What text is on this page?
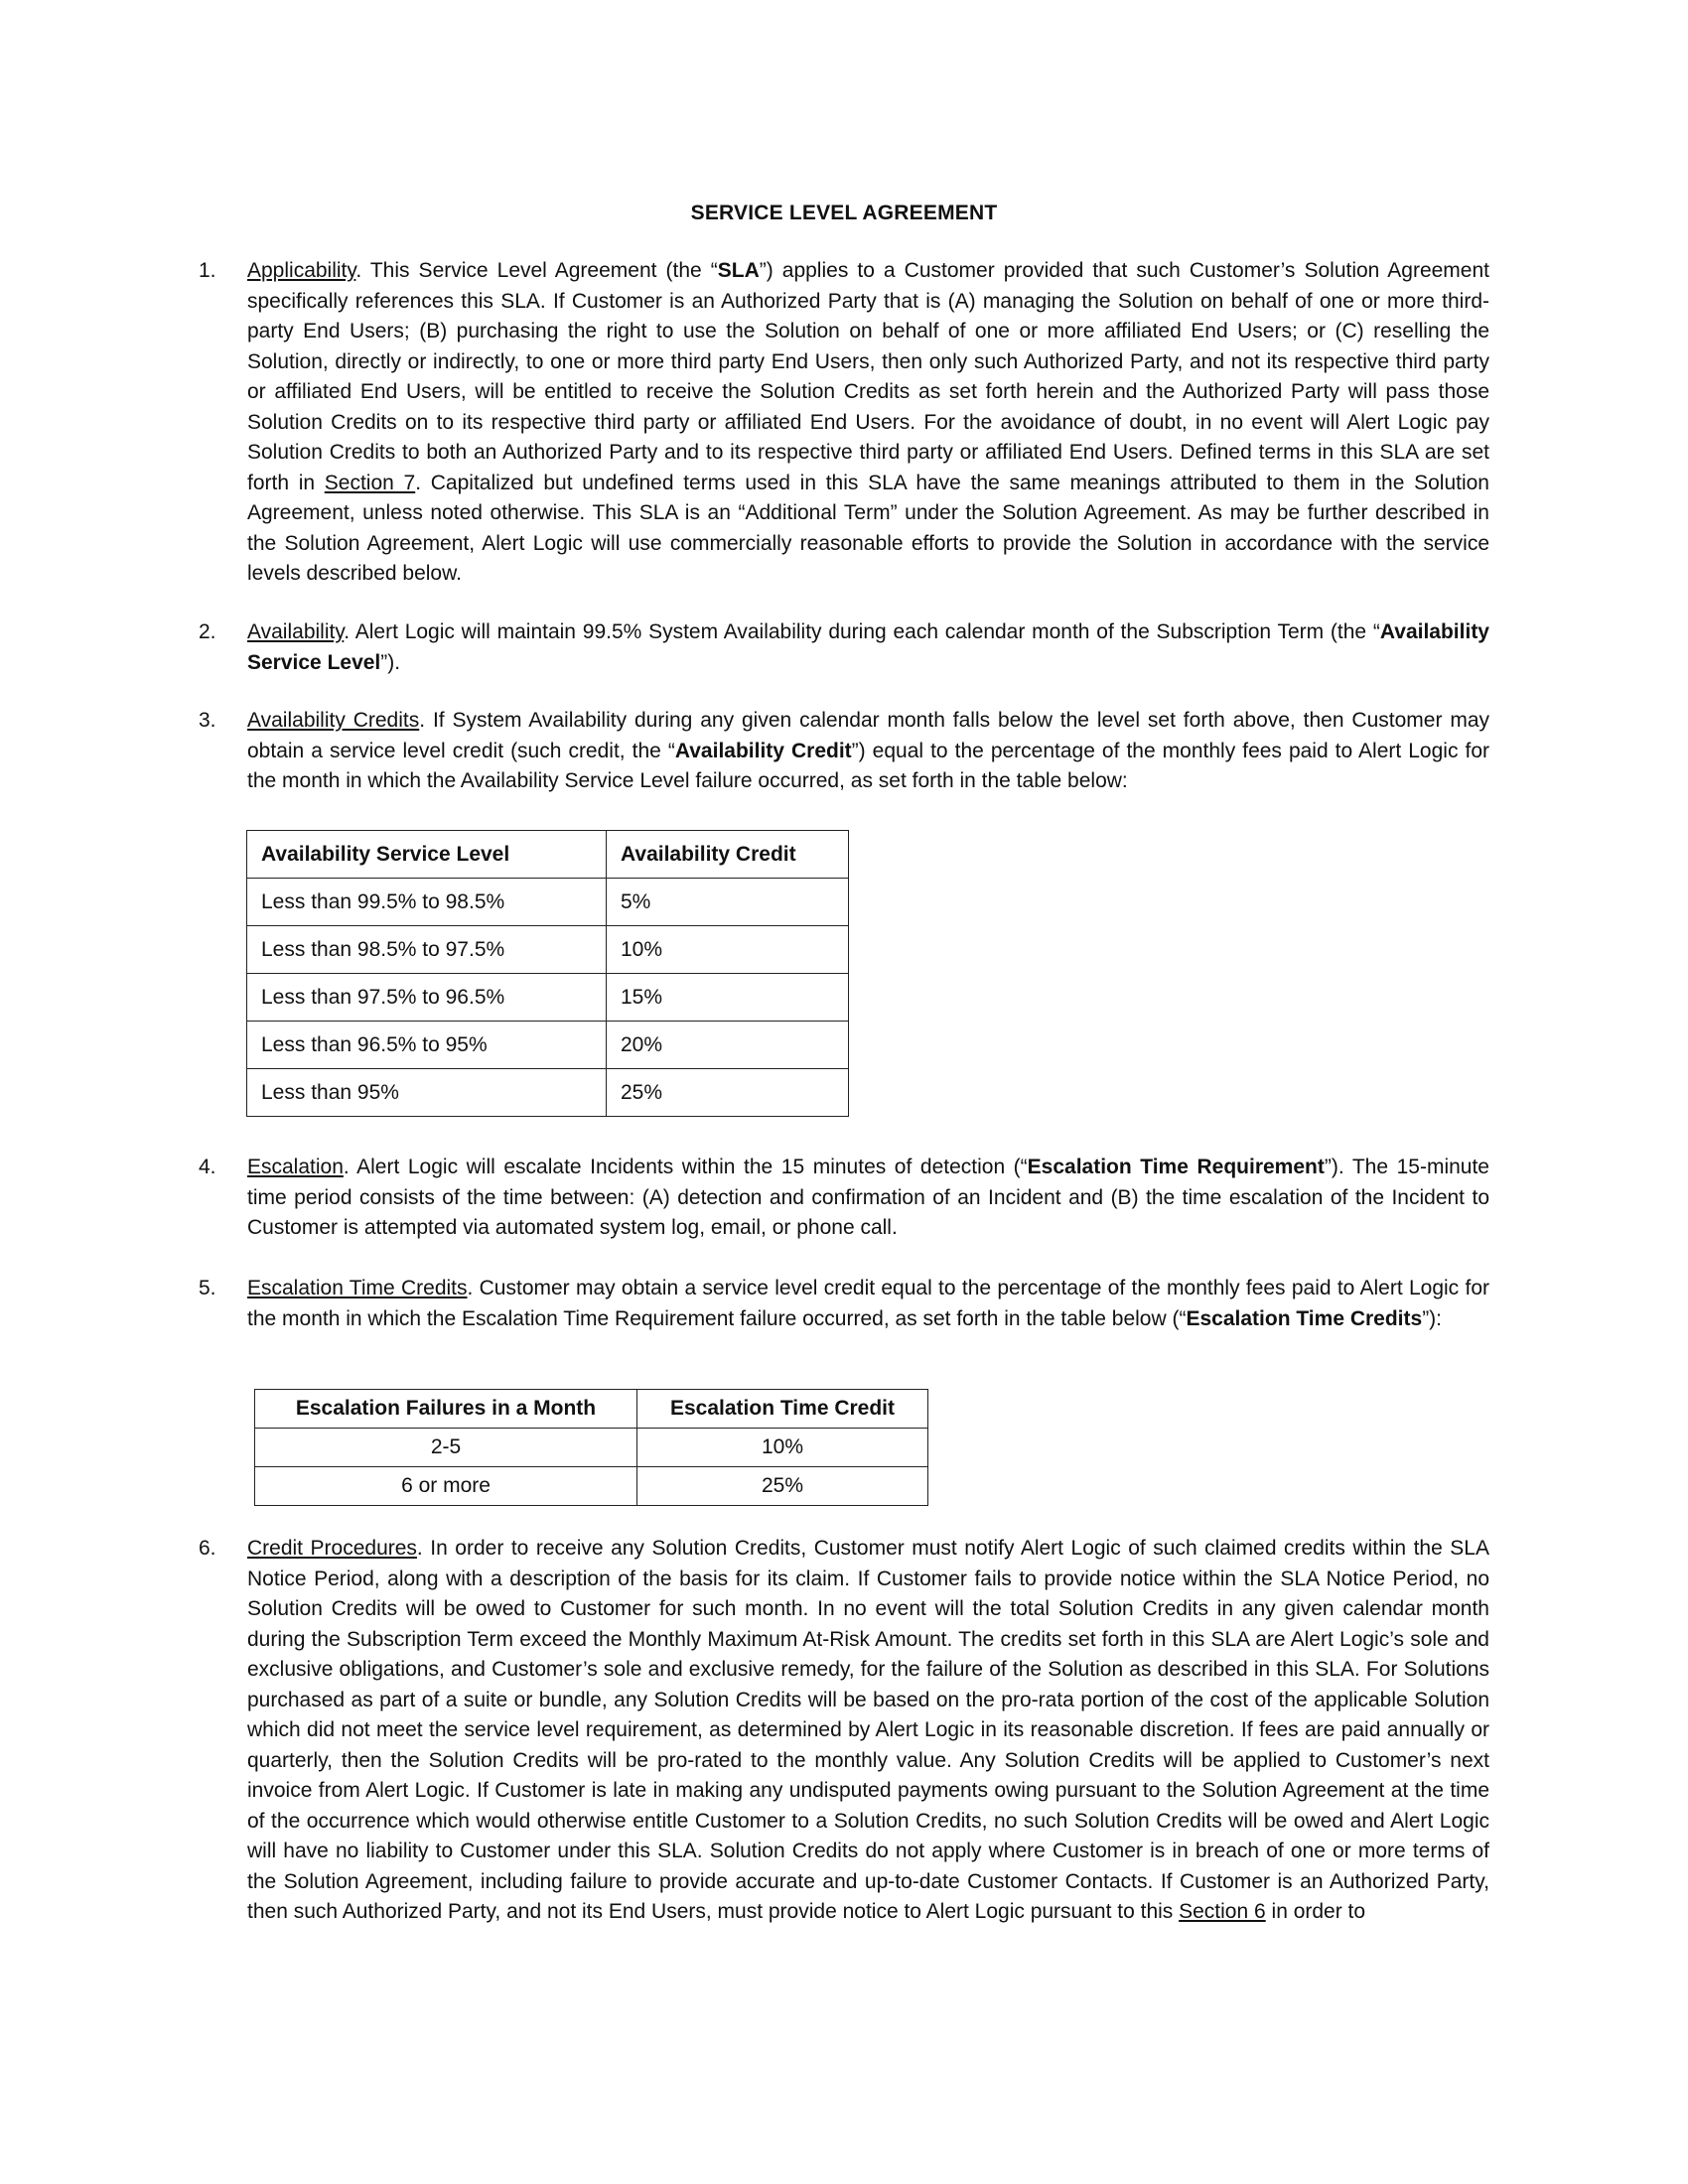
SERVICE LEVEL AGREEMENT
1.	Applicability. This Service Level Agreement (the “SLA”) applies to a Customer provided that such Customer’s Solution Agreement specifically references this SLA. If Customer is an Authorized Party that is (A) managing the Solution on behalf of one or more third-party End Users; (B) purchasing the right to use the Solution on behalf of one or more affiliated End Users; or (C) reselling the Solution, directly or indirectly, to one or more third party End Users, then only such Authorized Party, and not its respective third party or affiliated End Users, will be entitled to receive the Solution Credits as set forth herein and the Authorized Party will pass those Solution Credits on to its respective third party or affiliated End Users. For the avoidance of doubt, in no event will Alert Logic pay Solution Credits to both an Authorized Party and to its respective third party or affiliated End Users. Defined terms in this SLA are set forth in Section 7. Capitalized but undefined terms used in this SLA have the same meanings attributed to them in the Solution Agreement, unless noted otherwise. This SLA is an “Additional Term” under the Solution Agreement. As may be further described in the Solution Agreement, Alert Logic will use commercially reasonable efforts to provide the Solution in accordance with the service levels described below.
2.	Availability. Alert Logic will maintain 99.5% System Availability during each calendar month of the Subscription Term (the “Availability Service Level”).
3.	Availability Credits. If System Availability during any given calendar month falls below the level set forth above, then Customer may obtain a service level credit (such credit, the “Availability Credit”) equal to the percentage of the monthly fees paid to Alert Logic for the month in which the Availability Service Level failure occurred, as set forth in the table below:
Availability Service Level	Availability Credit
Less than 99.5% to 98.5%	5%
Less than 98.5% to 97.5%	10%
Less than 97.5% to 96.5%	15%
Less than 96.5% to 95%	20%
Less than 95%	25%
4.	Escalation. Alert Logic will escalate Incidents within the 15 minutes of detection (“Escalation Time Requirement”). The 15-minute time period consists of the time between: (A) detection and confirmation of an Incident and (B) the time escalation of the Incident to Customer is attempted via automated system log, email, or phone call.
5.	Escalation Time Credits. Customer may obtain a service level credit equal to the percentage of the monthly fees paid to Alert Logic for the month in which the Escalation Time Requirement failure occurred, as set forth in the table below (“Escalation Time Credits”):
Escalation Failures in a Month	Escalation Time Credit
2-5	10%
6 or more	25%
6.	Credit Procedures. In order to receive any Solution Credits, Customer must notify Alert Logic of such claimed credits within the SLA Notice Period, along with a description of the basis for its claim. If Customer fails to provide notice within the SLA Notice Period, no Solution Credits will be owed to Customer for such month. In no event will the total Solution Credits in any given calendar month during the Subscription Term exceed the Monthly Maximum At-Risk Amount. The credits set forth in this SLA are Alert Logic’s sole and exclusive obligations, and Customer’s sole and exclusive remedy, for the failure of the Solution as described in this SLA. For Solutions purchased as part of a suite or bundle, any Solution Credits will be based on the pro-rata portion of the cost of the applicable Solution which did not meet the service level requirement, as determined by Alert Logic in its reasonable discretion. If fees are paid annually or quarterly, then the Solution Credits will be pro-rated to the monthly value. Any Solution Credits will be applied to Customer’s next invoice from Alert Logic. If Customer is late in making any undisputed payments owing pursuant to the Solution Agreement at the time of the occurrence which would otherwise entitle Customer to a Solution Credits, no such Solution Credits will be owed and Alert Logic will have no liability to Customer under this SLA. Solution Credits do not apply where Customer is in breach of one or more terms of the Solution Agreement, including failure to provide accurate and up-to-date Customer Contacts. If Customer is an Authorized Party, then such Authorized Party, and not its End Users, must provide notice to Alert Logic pursuant to this Section 6 in order to
